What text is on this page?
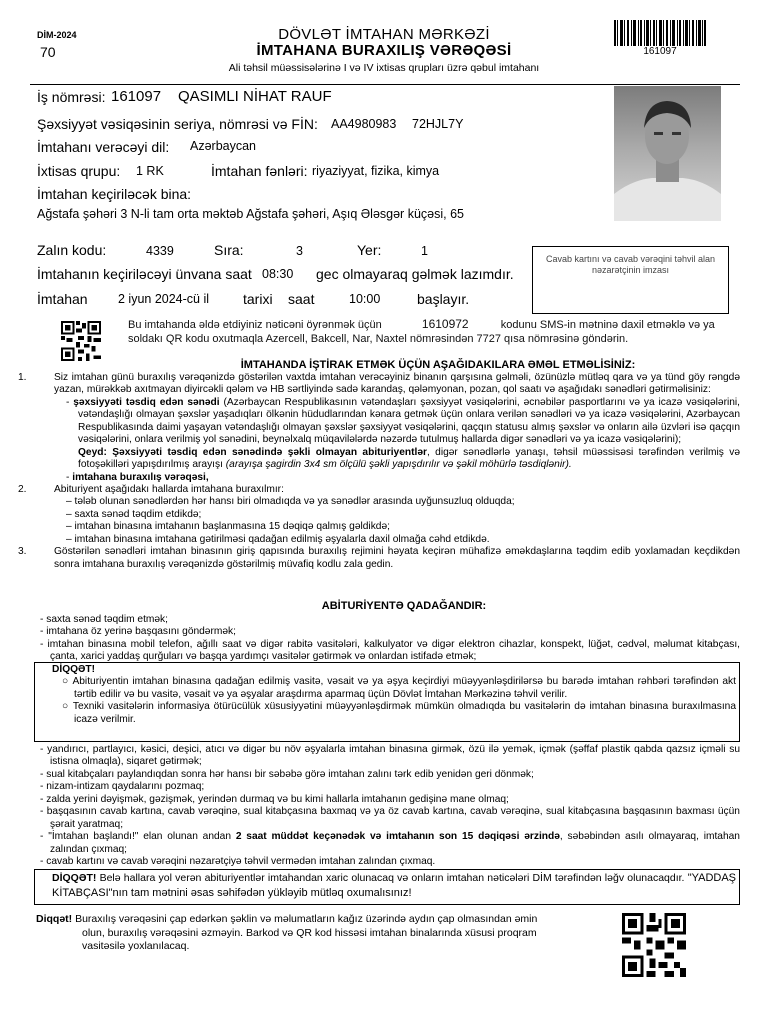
DİM-2024
70
DÖVLƏT İMTAHAN MƏRKƏZİ
İMTAHANA BURAXILIŞ VƏRƏQƏSİ
Ali təhsil müəssisələrinə I və IV ixtisas qrupları üzrə qəbul imtahanı
161097
İş nömrəsi: 161097 QASIMLI NİHAT RAUF
Şəxsiyyət vəsiqəsinin seriya, nömrəsi və FİN: AA4980983 72HJL7Y
İmtahanı verəcəyi dil: Azərbaycan
İxtisas qrupu: 1 RK	İmtahan fənləri: riyaziyyat, fizika, kimya
İmtahan keçiriləcək bina:
Ağstafa şəhəri 3 N-li tam orta məktəb Ağstafa şəhəri, Aşıq Ələsgər küçəsi, 65
Zalın kodu:	4339	Sıra:	3	Yer:	1
İmtahanın keçiriləcəyi ünvana saat 08:30 gec olmayaraq gəlmək lazımdır.
İmtahan 2 iyun 2024-cü il tarixi saat	10:00	başlayır.
Cavab kartını və cavab vərəqini təhvil alan nəzarətçinin imzası
Bu imtahanda əldə etdiyiniz nəticəni öyrənmək üçün	1610972	kodunu SMS-in mətninə daxil etməklə və ya soldakı QR kodu oxutmaqla Azercell, Bakcell, Nar, Naxtel nömrəsindən 7727 qısa nömrəsinə göndərin.
İMTAHANDA İŞTİRAK ETMƏK ÜÇÜN AŞAĞIDAKILARA ƏMƏL ETMƏLİSİNİZ:

1.	Siz imtahan günü buraxılış vərəqənizdə göstərilən vaxtda imtahan verəcəyiniz binanın qarşısına gəlməli, özünüzlə mütləq qara və ya tünd göy rəngdə yazan, mürəkkəb axıtmayan diyircəkli qələm və HB sərtliyində sadə karandaş, qələmyonan, pozan, qol saatı və aşağıdakı sənədləri gətirməlisiniz:

- şəxsiyyəti təsdiq edən sənədi (Azərbaycan Respublikasının vətəndaşları şəxsiyyət vəsiqələrini, əcnəbilər pasportlarını və ya icazə vəsiqələrini, vətəndaşlığı olmayan şəxslər yaşadıqları ölkənin hüdudlarından kənara getmək üçün onlara verilən sənədləri və ya icazə vəsiqələrini, Azərbaycan Respublikasında daimi yaşayan vətəndaşlığı olmayan şəxslər şəxsiyyət vəsiqələrini, qaçqın statusu almış şəxslər və onların ailə üzvləri isə qaçqın vəsiqələrini, onlara verilmiş yol sənədini, beynəlxalq müqavilələrdə nəzərdə tutulmuş hallarda digər sənədləri və ya icazə vəsiqələrini);

Qeyd: Şəxsiyyəti təsdiq edən sənədində şəkli olmayan abituriyentlər, digər sənədlərlə yanaşı, təhsil müəssisəsi tərəfindən verilmiş və fotoşəkilləri yapışdırılmış arayışı (arayışa şagirdin 3x4 sm ölçülü şəkli yapışdırılır və şəkil möhürlə təsdiqlənir).

- imtahana buraxılış vərəqəsi,

2.	Abituriyent aşağıdakı hallarda imtahana buraxılmır:

– tələb olunan sənədlərdən hər hansı biri olmadıqda və ya sənədlər arasında uyğunsuzluq olduqda;

– saxta sənəd təqdim etdikdə;

– imtahan binasına imtahanın başlanmasına 15 dəqiqə qalmış gəldikdə;

– imtahan binasına imtahana gətirilməsi qadağan edilmiş əşyalarla daxil olmağa cəhd etdikdə.

3.	Göstərilən sənədləri imtahan binasının giriş qapısında buraxılış rejimini həyata keçirən mühafizə əməkdaşlarına təqdim edib yoxlamadan keçdikdən sonra imtahana buraxılış vərəqənizdə göstərilmiş müvafiq kodlu zala gedin.

ABİTURİYENTƏ QADAĞANDIR:

- saxta sənəd təqdim etmək;

- imtahana öz yerinə başqasını göndərmək;

- imtahan binasına mobil telefon, ağıllı saat və digər rabitə vasitələri, kalkulyator və digər elektron cihazlar, konspekt, lüğət, cədvəl, məlumat kitabçası, çanta, xarici yaddaş qurğuları və başqa yardımçı vasitələr gətirmək və onlardan istifadə etmək;

DİQQƏT!

○ Abituriyentin imtahan binasına qadağan edilmiş vasitə, vəsait və ya əşya keçirdiyi müəyyənləşdirilərsə bu barədə imtahan rəhbəri tərəfindən akt tərtib edilir və bu vasitə, vəsait və ya əşyalar araşdırma aparmaq üçün Dövlət İmtahan Mərkəzinə təhvil verilir.

○ Texniki vasitələrin informasiya ötürücülük xüsusiyyətini müəyyənləşdirmək mümkün olmadıqda bu vasitələrin də imtahan binasına buraxılmasına icazə verilmir.

- yandırıcı, partlayıcı, kəsici, deşici, atıcı və digər bu növ əşyalarla imtahan binasına girmək, özü ilə yemək, içmək (şəffaf plastik qabda qazsız içməli su istisna olmaqla), siqaret gətirmək;

- sual kitabçaları paylandıqdan sonra hər hansı bir səbəbə görə imtahan zalını tərk edib yenidən geri dönmək;

- nizam-intizam qaydalarını pozmaq;

- zalda yerini dəyişmək, gəzişmək, yerindən durmaq və bu kimi hallarla imtahanın gedişinə mane olmaq;

- başqasının cavab kartına, cavab vərəqinə, sual kitabçasına baxmaq və ya öz cavab kartına, cavab vərəqinə, sual kitabçasına başqasının baxması üçün şərait yaratmaq;

- "İmtahan başlandı!" elan olunan andan 2 saat müddət keçənədək və imtahanın son 15 dəqiqəsi ərzində, səbəbindən asılı olmayaraq, imtahan zalından çıxmaq;

- cavab kartını və cavab vərəqini nəzarətçiyə təhvil vermədən imtahan zalından çıxmaq.

DİQQƏT! Belə hallara yol verən abituriyentlər imtahandan xaric olunacaq və onların imtahan nəticələri DİM tərəfindən ləğv olunacaqdır. "YADDAŞ KİTABÇASI"nın tam mətnini əsas səhifədən yükləyib mütləq oxumalısınız!

Diqqət! Buraxılış vərəqəsini çap edərkən şəklin və məlumatların kağız üzərində aydın çap olmasından əmin olun, buraxılış vərəqəsini əzməyin. Barkod və QR kod hissəsi imtahan binalarında xüsusi proqram vasitəsilə yoxlanılacaq.
